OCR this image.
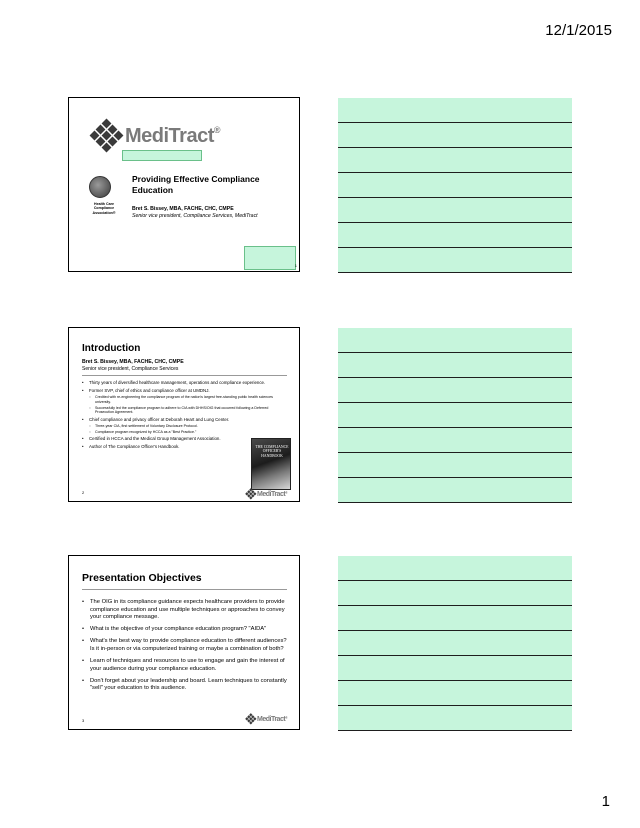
12/1/2015
MediTract®
Providing Effective Compliance Education
Bret S. Bissey, MBA, FACHE, CHC, CMPE
Senior vice president, Compliance Services, MediTract
Health Care Compliance Association®
1
Introduction
Bret S. Bissey, MBA, FACHE, CHC, CMPE
Senior vice president, Compliance Services
• Thirty years of diversified healthcare management, operations and compliance experience.
• Former SVP, chief of ethics and compliance officer at UMDNJ.
○ Credited with re-engineering the compliance program of the nation's largest free-standing public health sciences university.
○ Successfully led the compliance program to adhere to CIA with DHHS/OIG that occurred following a Deferred Prosecution Agreement.
• Chief compliance and privacy officer at Deborah Heart and Lung Center.
○ Three-year CIA, first settlement of Voluntary Disclosure Protocol.
○ Compliance program recognized by HCCA as a "Best Practice."
• Certified in HCCA and the Medical Group Management Association.
• Author of The Compliance Officer's Handbook.	THE COMPLIANCE OFFICER'S HANDBOOK
MediTract®
2
Presentation Objectives
• The OIG in its compliance guidance expects healthcare providers to provide compliance education and use multiple techniques or approaches to convey your compliance message.
• What is the objective of your compliance education program? "AIDA"
• What's the best way to provide compliance education to different audiences? Is it in-person or via computerized training or maybe a combination of both?
• Learn of techniques and resources to use to engage and gain the interest of your audience during your compliance education.
• Don't forget about your leadership and board. Learn techniques to constantly "sell" your education to this audience.
MediTract®
3
1
